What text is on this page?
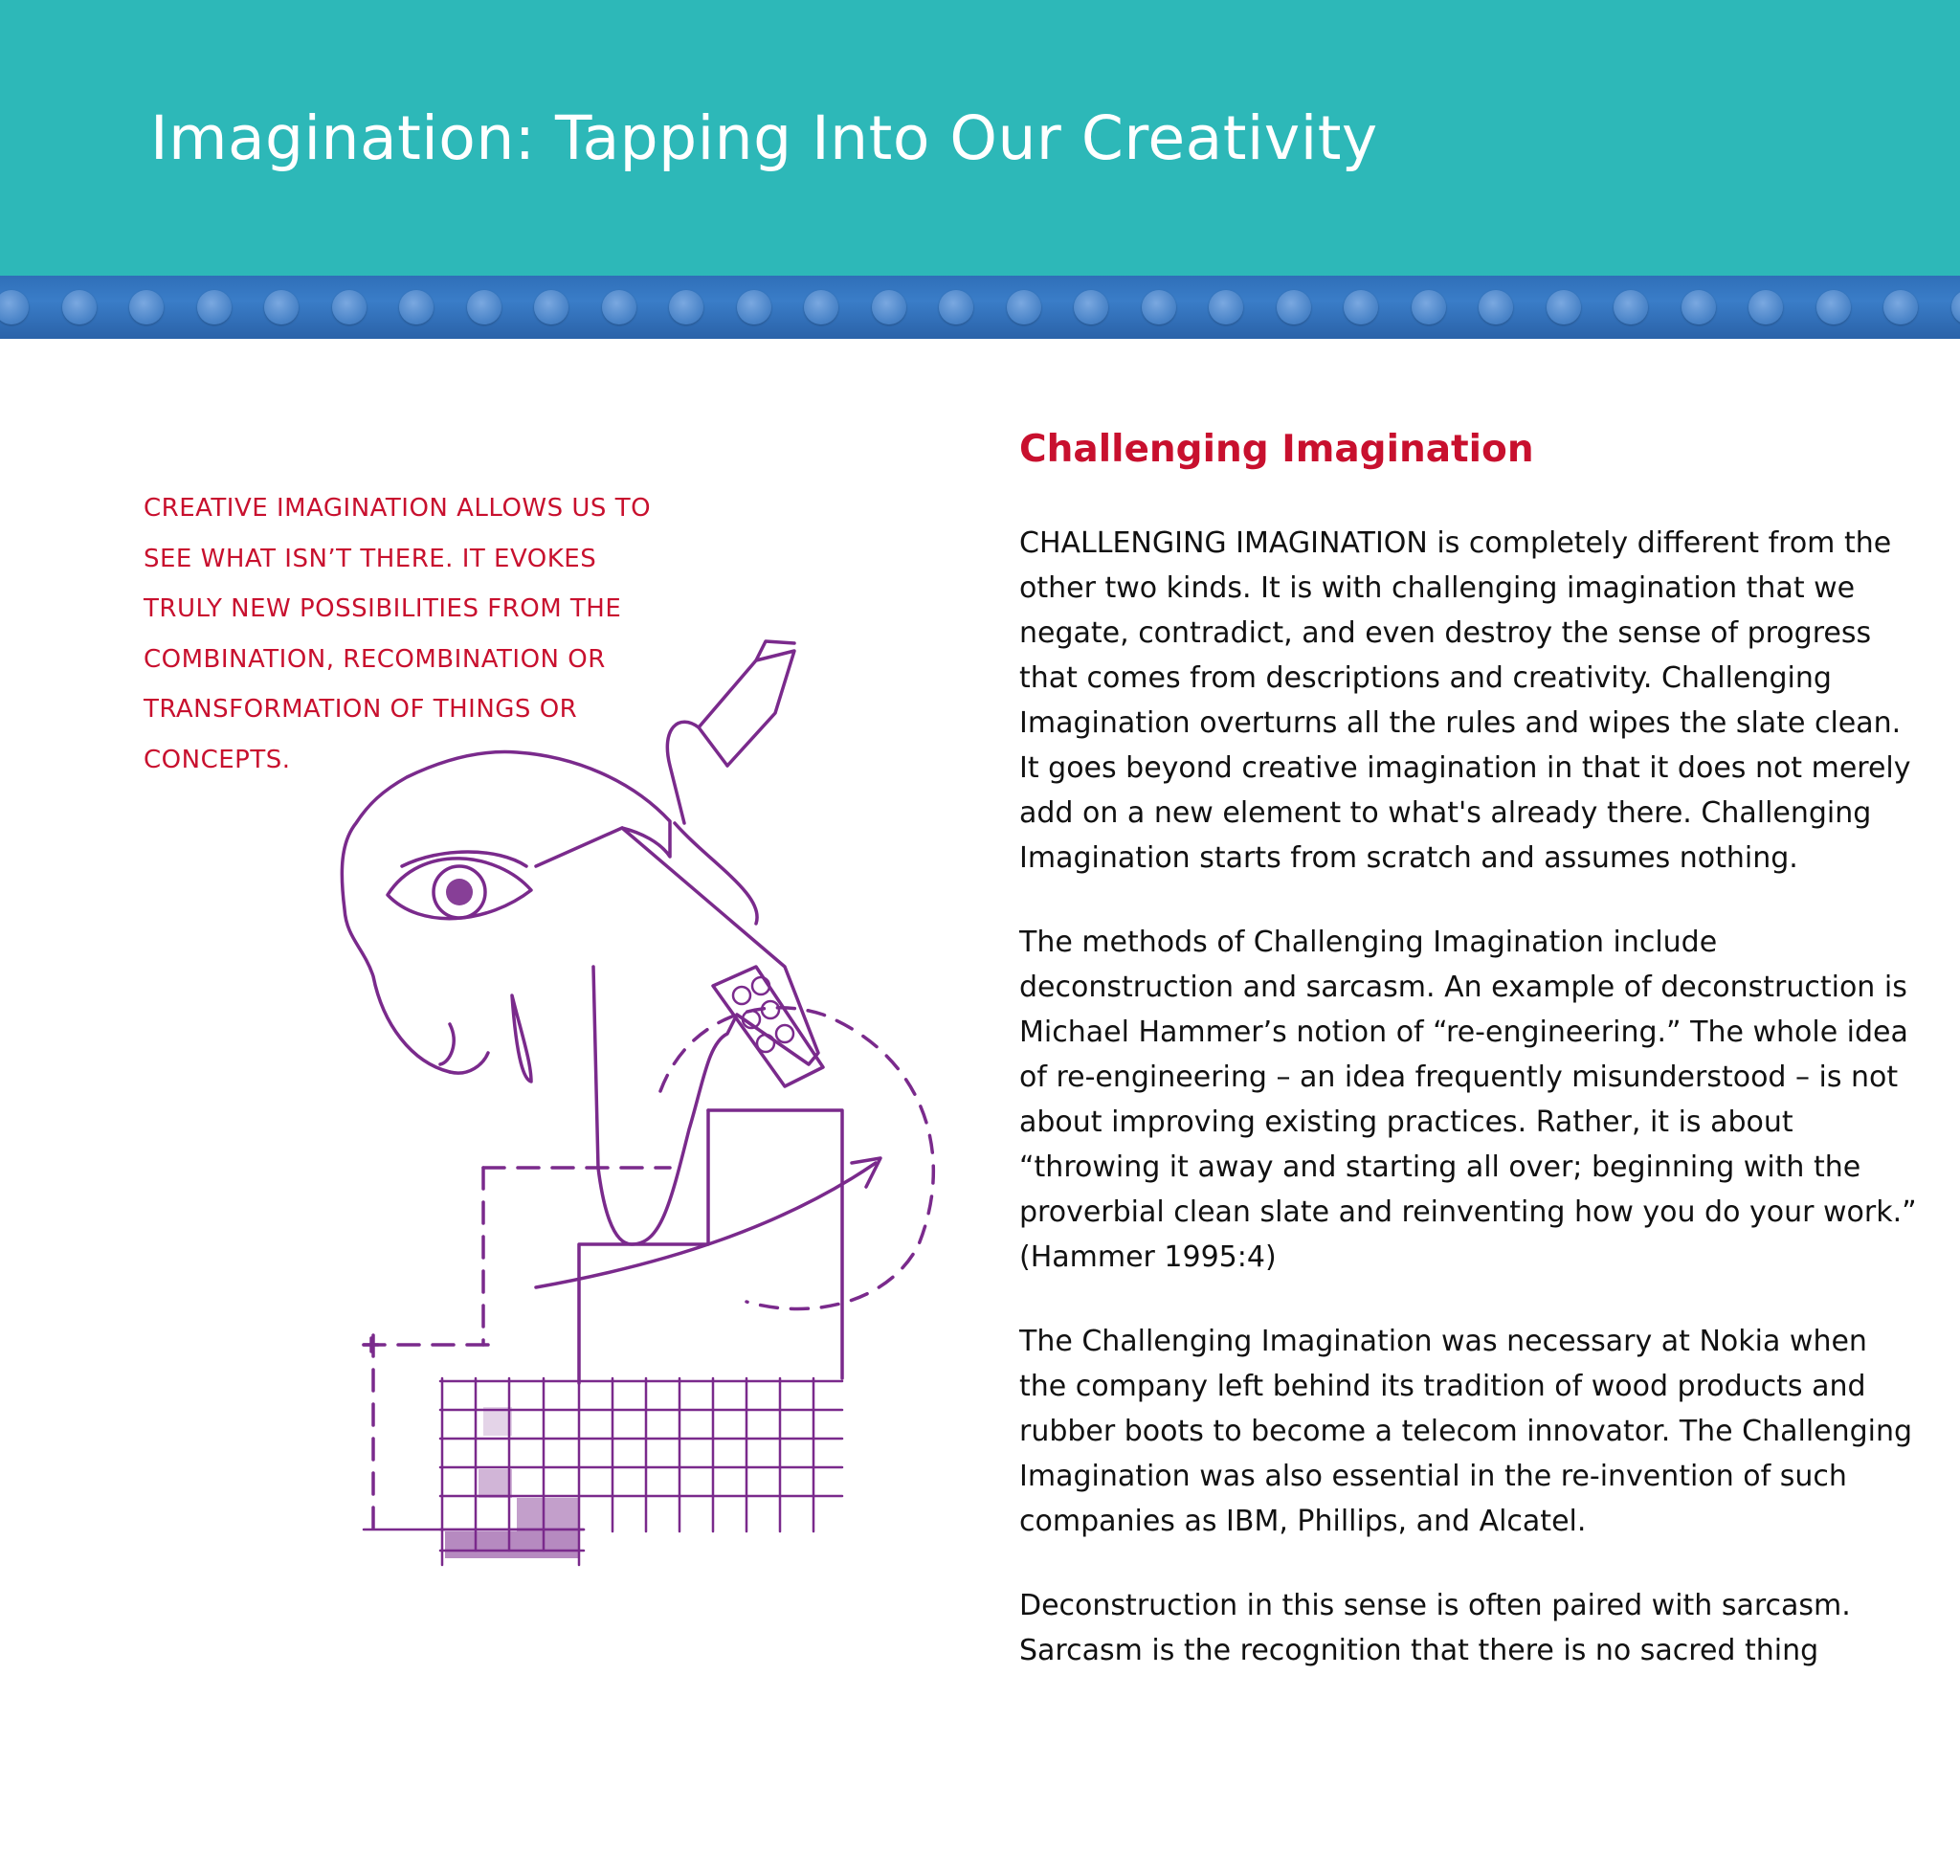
Imagination: Tapping Into Our Creativity

CREATIVE IMAGINATION ALLOWS US TO SEE WHAT ISN’T THERE. IT EVOKES TRULY NEW POSSIBILITIES FROM THE COMBINATION, RECOMBINATION OR TRANSFORMATION OF THINGS OR CONCEPTS.

Challenging Imagination

CHALLENGING IMAGINATION is completely different from the other two kinds. It is with challenging imagination that we negate, contradict, and even destroy the sense of progress that comes from descriptions and creativity. Challenging Imagination overturns all the rules and wipes the slate clean. It goes beyond creative imagination in that it does not merely add on a new element to what's already there. Challenging Imagination starts from scratch and assumes nothing.

The methods of Challenging Imagination include deconstruction and sarcasm. An example of deconstruction is Michael Hammer’s notion of “re-engineering.” The whole idea of re-engineering – an idea frequently misunderstood – is not about improving existing practices. Rather, it is about “throwing it away and starting all over; beginning with the proverbial clean slate and reinventing how you do your work.” (Hammer 1995:4)

The Challenging Imagination was necessary at Nokia when the company left behind its tradition of wood products and rubber boots to become a telecom innovator. The Challenging Imagination was also essential in the re-invention of such companies as IBM, Phillips, and Alcatel.

Deconstruction in this sense is often paired with sarcasm. Sarcasm is the recognition that there is no sacred thing
